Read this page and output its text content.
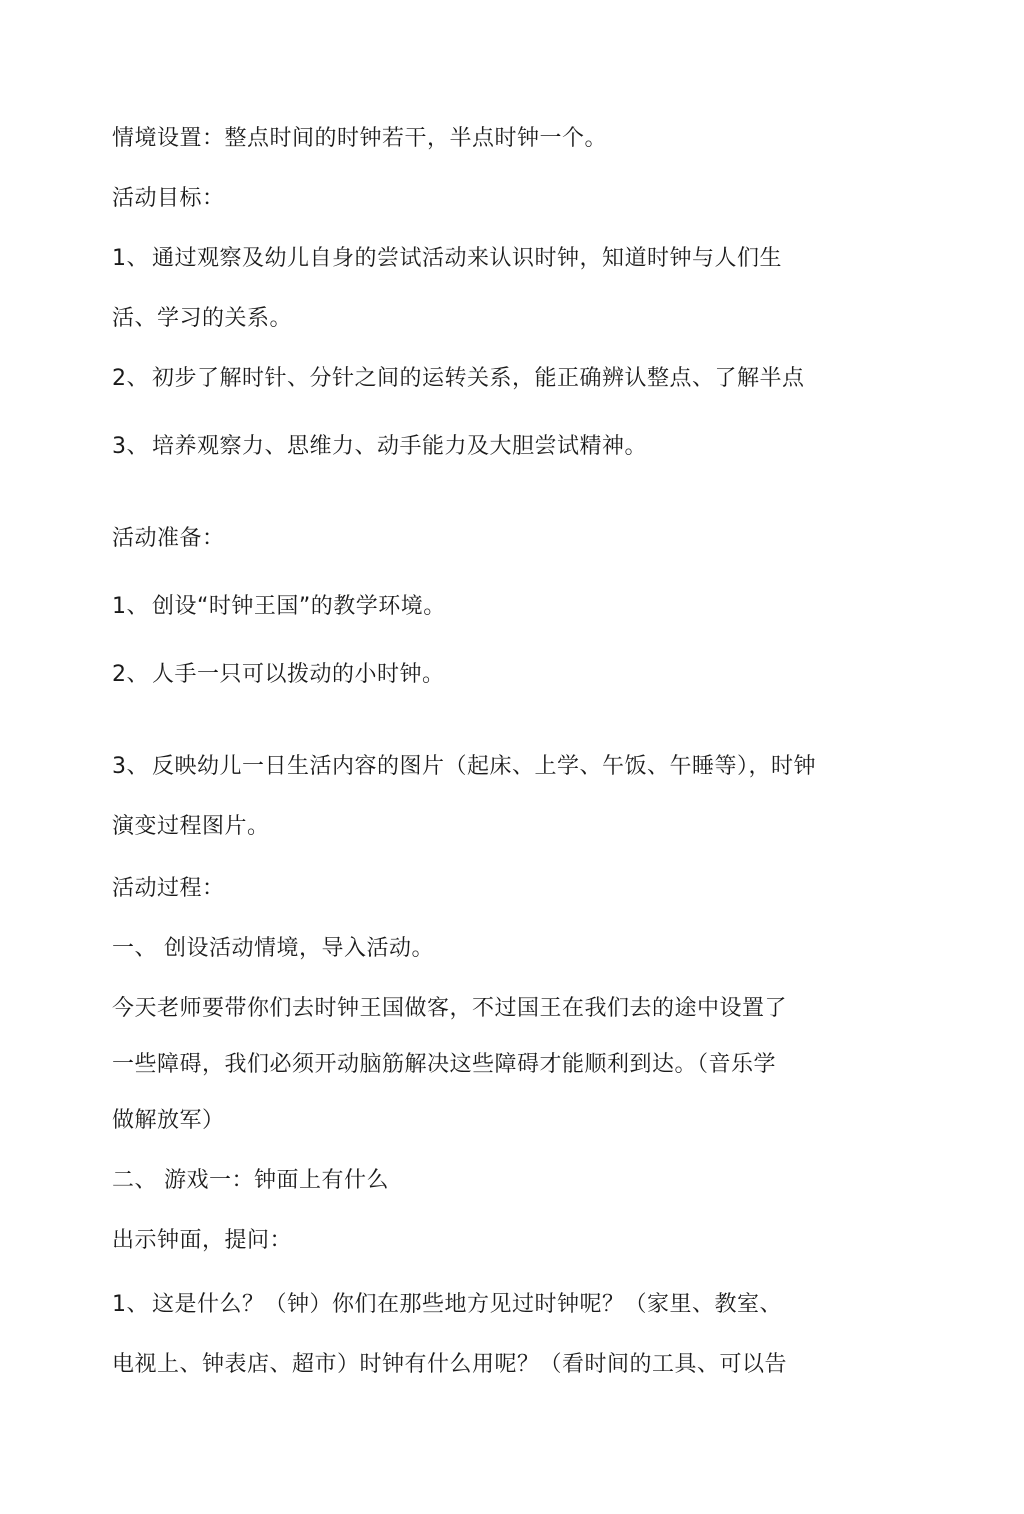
情境设置：整点时间的时钟若干，半点时钟一个。
活动目标：
1、 通过观察及幼儿自身的尝试活动来认识时钟，知道时钟与人们生
活、学习的关系。
2、 初步了解时针、分针之间的运转关系，能正确辨认整点、了解半点
3、 培养观察力、思维力、动手能力及大胆尝试精神。
活动准备：
1、 创设“时钟王国”的教学环境。
2、 人手一只可以拨动的小时钟。
3、 反映幼儿一日生活内容的图片（起床、上学、午饭、午睡等），时钟
演变过程图片。
活动过程：
一、 创设活动情境，导入活动。
今天老师要带你们去时钟王国做客，不过国王在我们去的途中设置了
一些障碍，我们必须开动脑筋解决这些障碍才能顺利到达。（音乐学
做解放军）
二、 游戏一：钟面上有什么
出示钟面，提问：
1、 这是什么？（钟）你们在那些地方见过时钟呢？（家里、教室、
电视上、钟表店、超市）时钟有什么用呢？（看时间的工具、可以告
